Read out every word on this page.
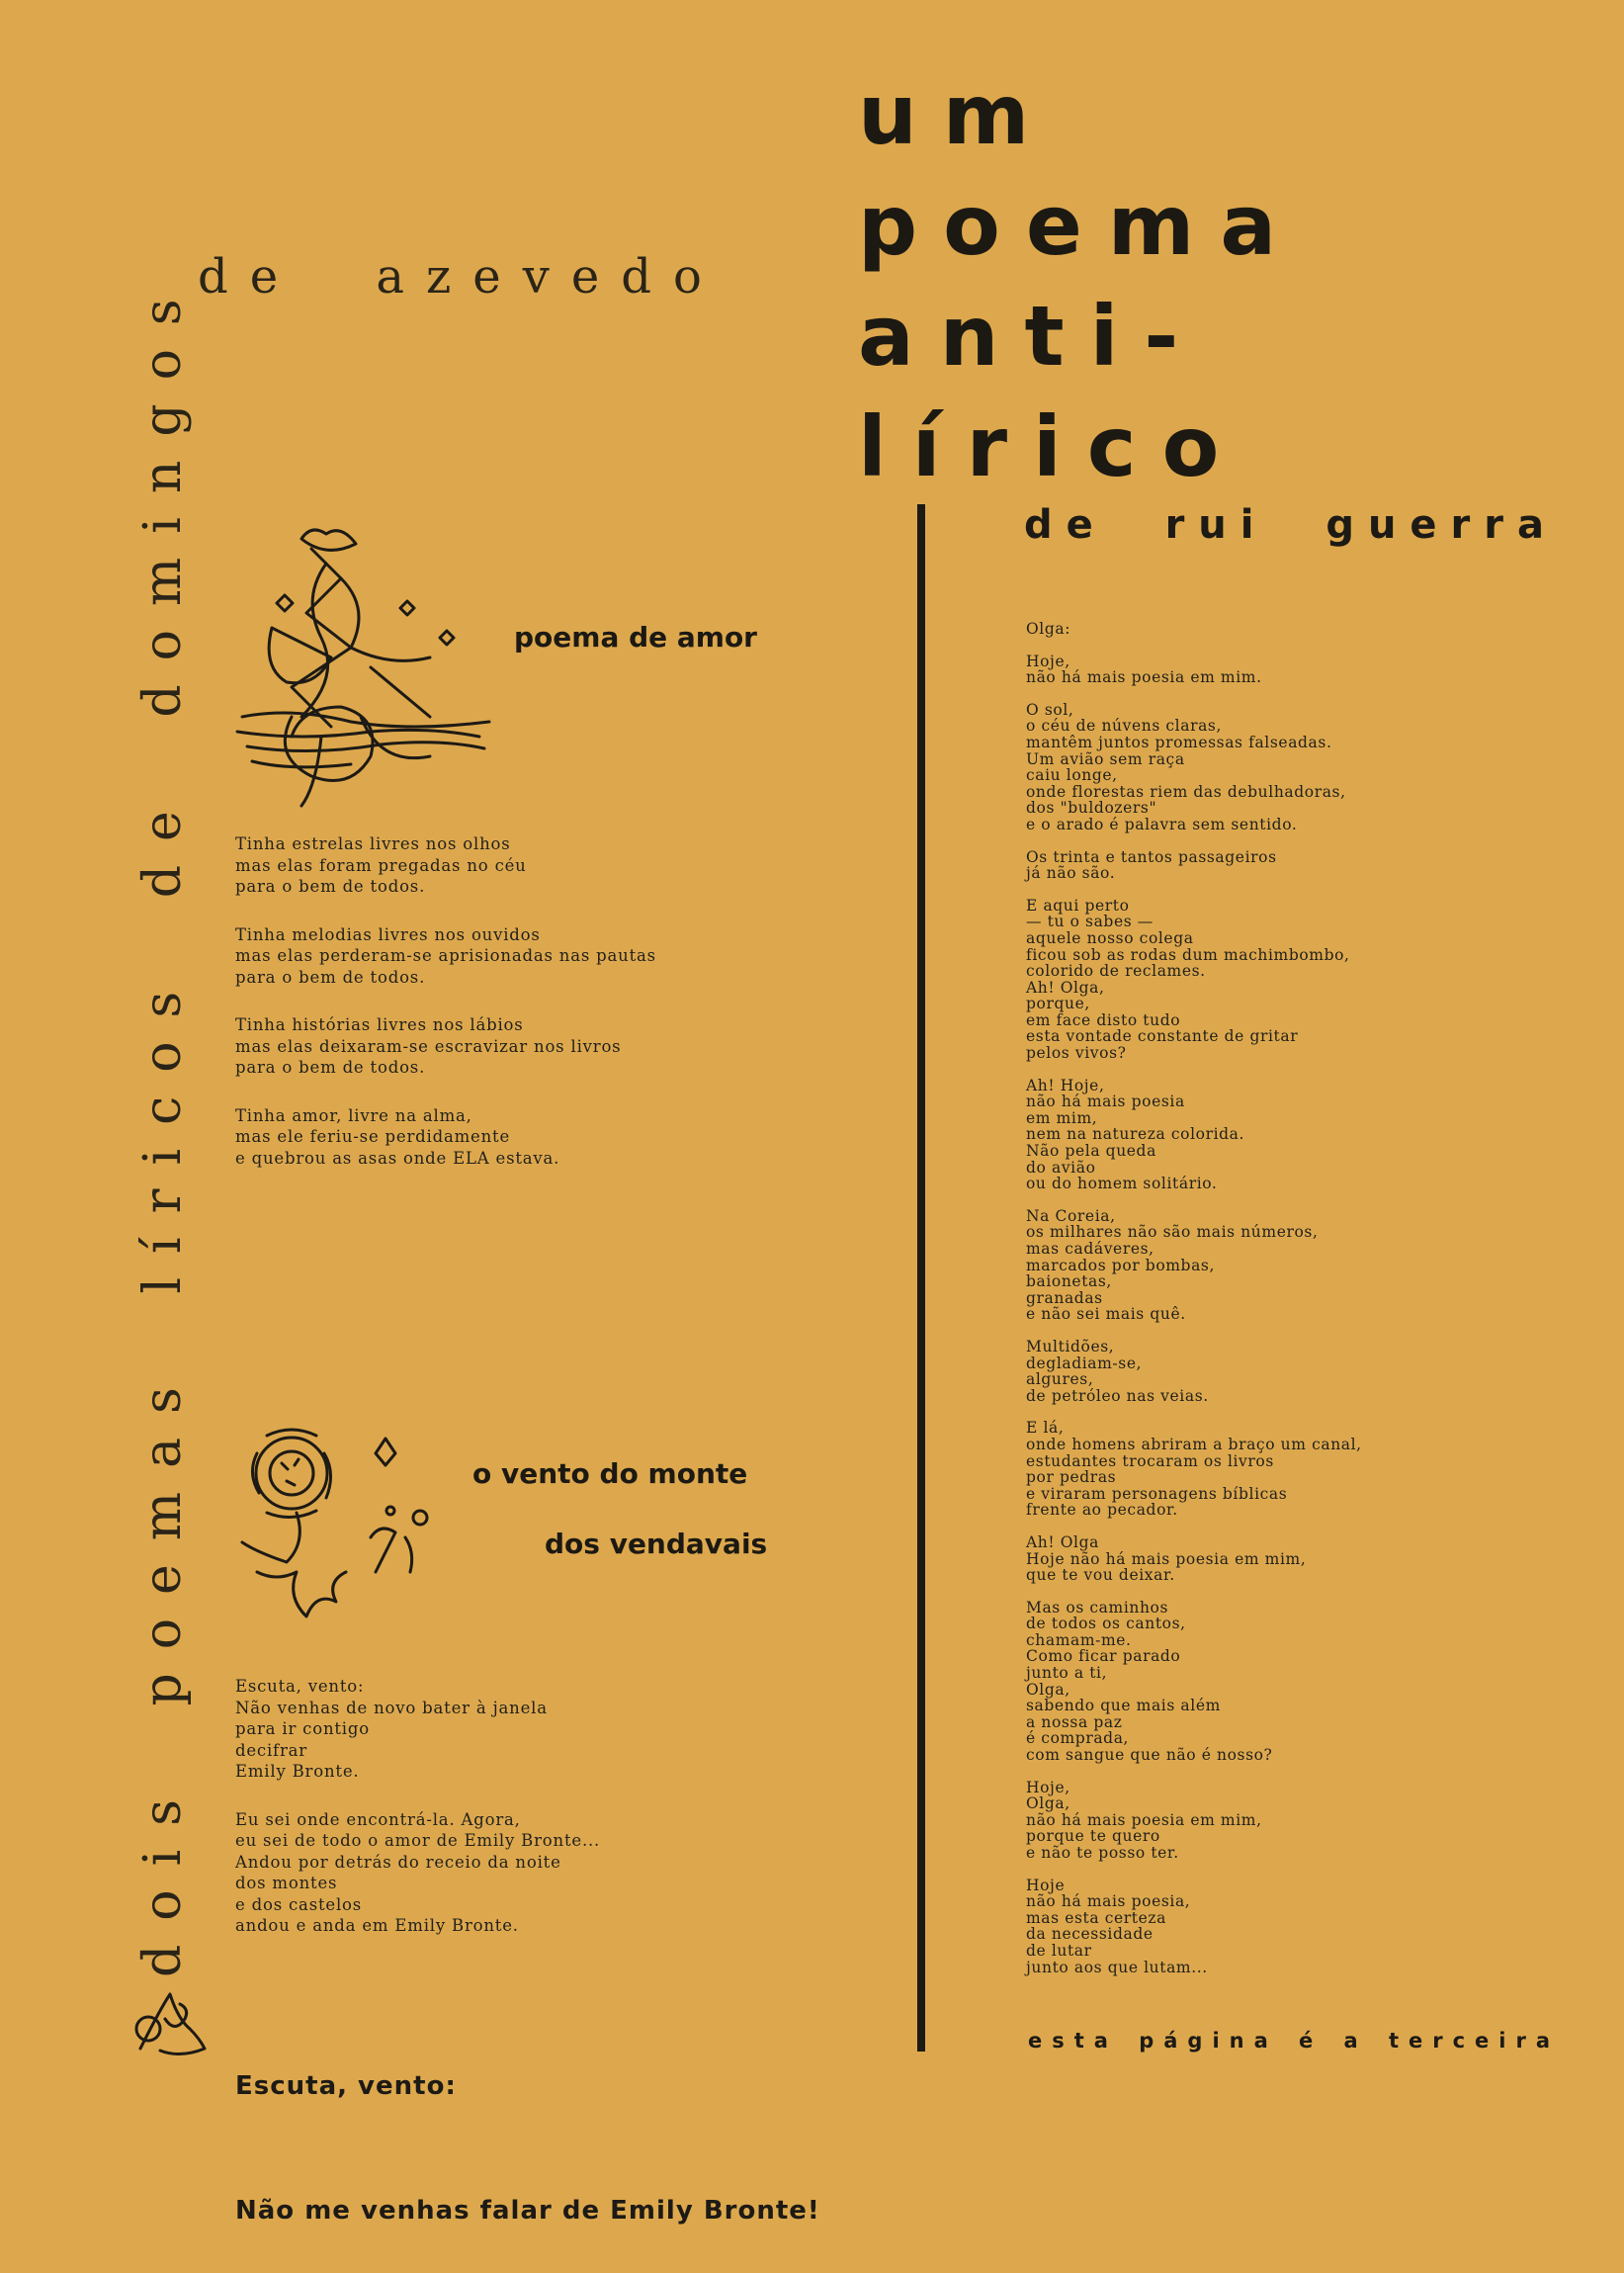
dois poemas líricos de domingos de azevedo
poema de amor
Tinha estrelas livres nos olhos
mas elas foram pregadas no céu
para o bem de todos.
Tinha melodias livres nos ouvidos
mas elas perderam-se aprisionadas nas pautas
para o bem de todos.
Tinha histórias livres nos lábios
mas elas deixaram-se escravizar nos livros
para o bem de todos.
Tinha amor, livre na alma,
mas ele feriu-se perdidamente
e quebrou as asas onde ELA estava.
o vento do monte
dos vendavais
Escuta, vento:
Não venhas de novo bater à janela
para ir contigo
decifrar
Emily Bronte.
Eu sei onde encontrá-la. Agora,
eu sei de todo o amor de Emily Bronte...
Andou por detrás do receio da noite
dos montes
e dos castelos
andou e anda em Emily Bronte.

Escuta, vento:

Não me venhas falar de Emily Bronte!

um
poema
anti-lírico
de rui guerra
Olga:
Hoje,
não há mais poesia em mim.
O sol,
o céu de núvens claras,
mantêm juntos promessas falseadas.
Um avião sem raça
caiu longe,
onde florestas riem das debulhadoras,
dos "buldozers"
e o arado é palavra sem sentido.
Os trinta e tantos passageiros
já não são.
E aqui perto
— tu o sabes —
aquele nosso colega
ficou sob as rodas dum machimbombo,
colorido de reclames.
Ah! Olga,
porque,
em face disto tudo
esta vontade constante de gritar
pelos vivos?
Ah! Hoje,
não há mais poesia
em mim,
nem na natureza colorida.
Não pela queda
do avião
ou do homem solitário.
Na Coreia,
os milhares não são mais números,
mas cadáveres,
marcados por bombas,
baionetas,
granadas
e não sei mais quê.
Multidões,
degladiam-se,
algures,
de petróleo nas veias.
E lá,
onde homens abriram a braço um canal,
estudantes trocaram os livros
por pedras
e viraram personagens bíblicas
frente ao pecador.
Ah! Olga
Hoje não há mais poesia em mim,
que te vou deixar.
Mas os caminhos
de todos os cantos,
chamam-me.
Como ficar parado
junto a ti,
Olga,
sabendo que mais além
a nossa paz
é comprada,
com sangue que não é nosso?
Hoje,
Olga,
não há mais poesia em mim,
porque te quero
e não te posso ter.
Hoje
não há mais poesia,
mas esta certeza
da necessidade
de lutar
junto aos que lutam...
esta página é a terceira
